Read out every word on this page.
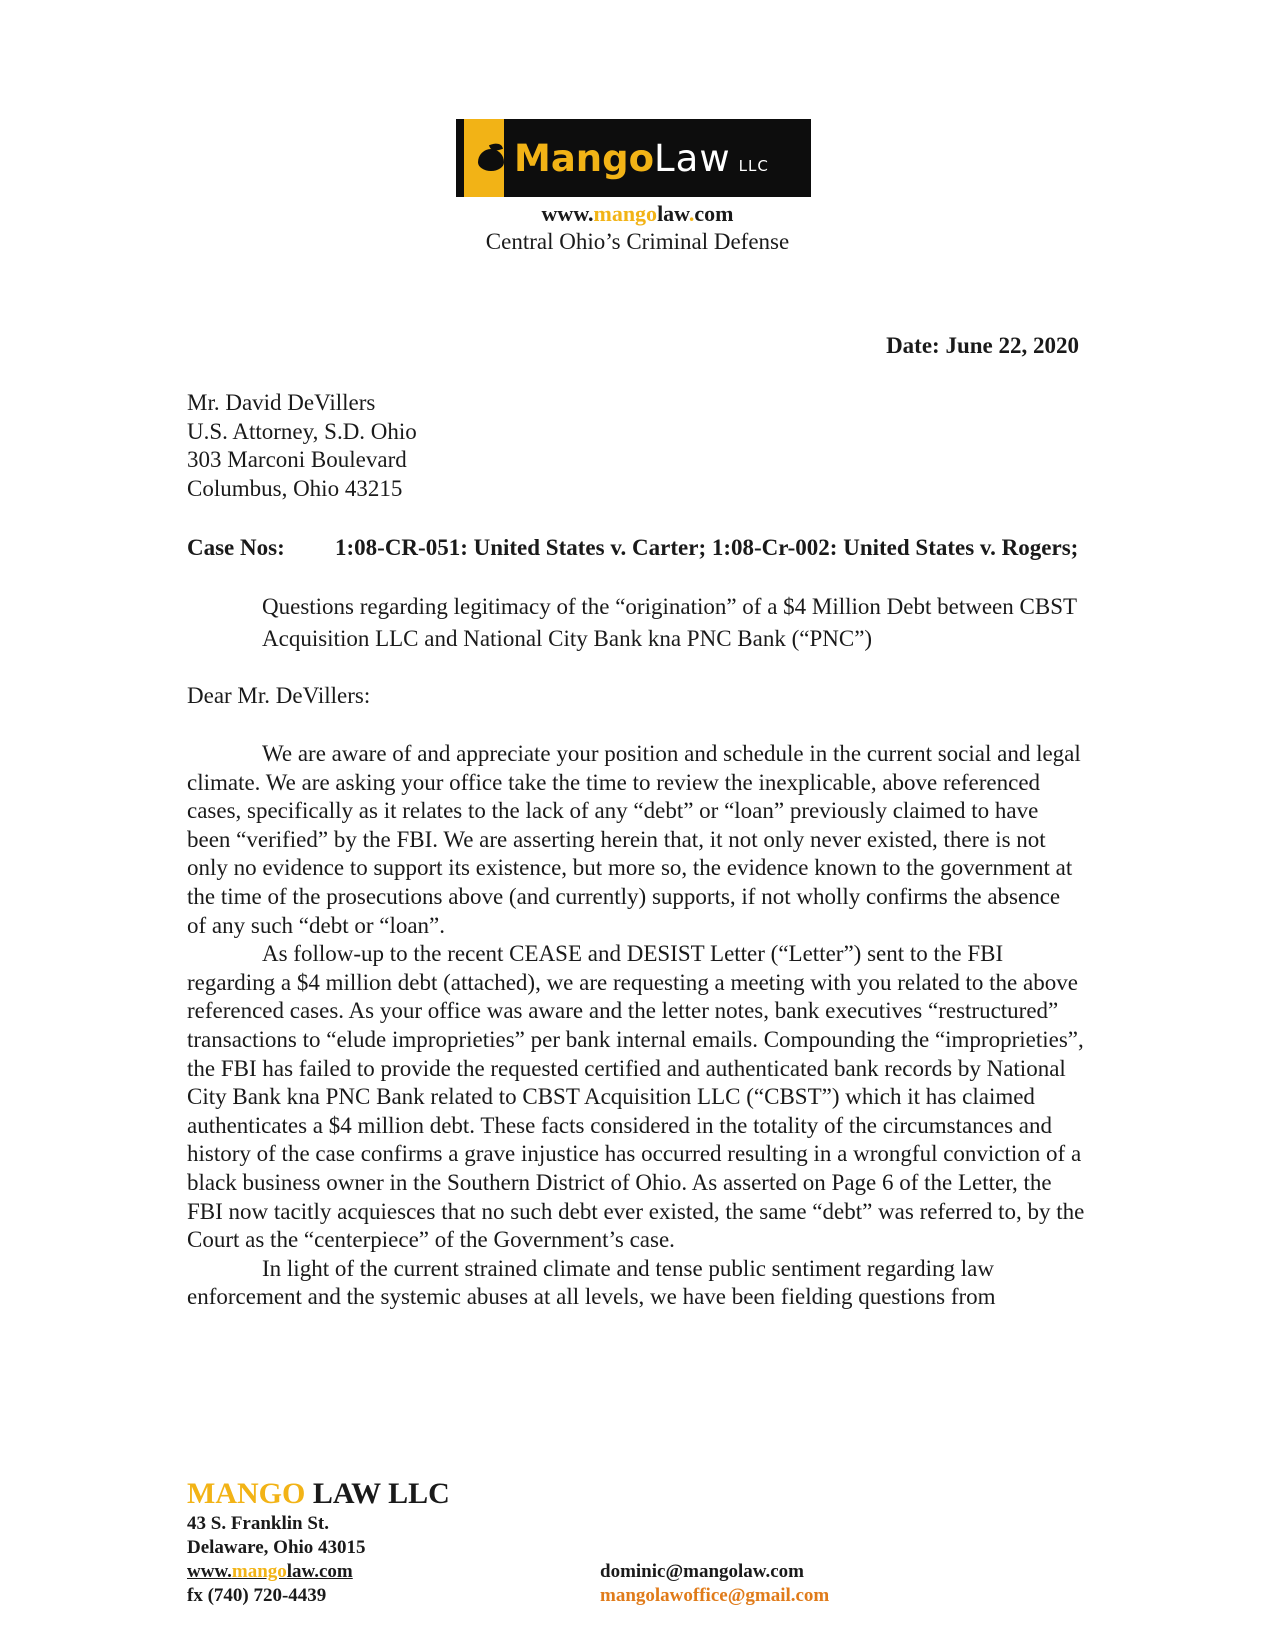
MangoLaw LLC
www.mangolaw.com
Central Ohio’s Criminal Defense
Date: June 22, 2020
Mr. David DeVillers
U.S. Attorney, S.D. Ohio
303 Marconi Boulevard
Columbus, Ohio 43215
Case Nos: 1:08-CR-051: United States v. Carter; 1:08-Cr-002: United States v. Rogers;
Questions regarding legitimacy of the “origination” of a $4 Million Debt between CBST Acquisition LLC and National City Bank kna PNC Bank (“PNC”)
Dear Mr. DeVillers:

We are aware of and appreciate your position and schedule in the current social and legal climate. We are asking your office take the time to review the inexplicable, above referenced cases, specifically as it relates to the lack of any “debt” or “loan” previously claimed to have been “verified” by the FBI. We are asserting herein that, it not only never existed, there is not only no evidence to support its existence, but more so, the evidence known to the government at the time of the prosecutions above (and currently) supports, if not wholly confirms the absence of any such “debt or “loan”.

As follow-up to the recent CEASE and DESIST Letter (“Letter”) sent to the FBI regarding a $4 million debt (attached), we are requesting a meeting with you related to the above referenced cases. As your office was aware and the letter notes, bank executives “restructured” transactions to “elude improprieties” per bank internal emails. Compounding the “improprieties”, the FBI has failed to provide the requested certified and authenticated bank records by National City Bank kna PNC Bank related to CBST Acquisition LLC (“CBST”) which it has claimed authenticates a $4 million debt. These facts considered in the totality of the circumstances and history of the case confirms a grave injustice has occurred resulting in a wrongful conviction of a black business owner in the Southern District of Ohio. As asserted on Page 6 of the Letter, the FBI now tacitly acquiesces that no such debt ever existed, the same “debt” was referred to, by the Court as the “centerpiece” of the Government’s case.

In light of the current strained climate and tense public sentiment regarding law enforcement and the systemic abuses at all levels, we have been fielding questions from

MANGO LAW LLC
43 S. Franklin St.
Delaware, Ohio 43015
www.mangolaw.com	dominic@mangolaw.com
fx (740) 720-4439	mangolawoffice@gmail.com
